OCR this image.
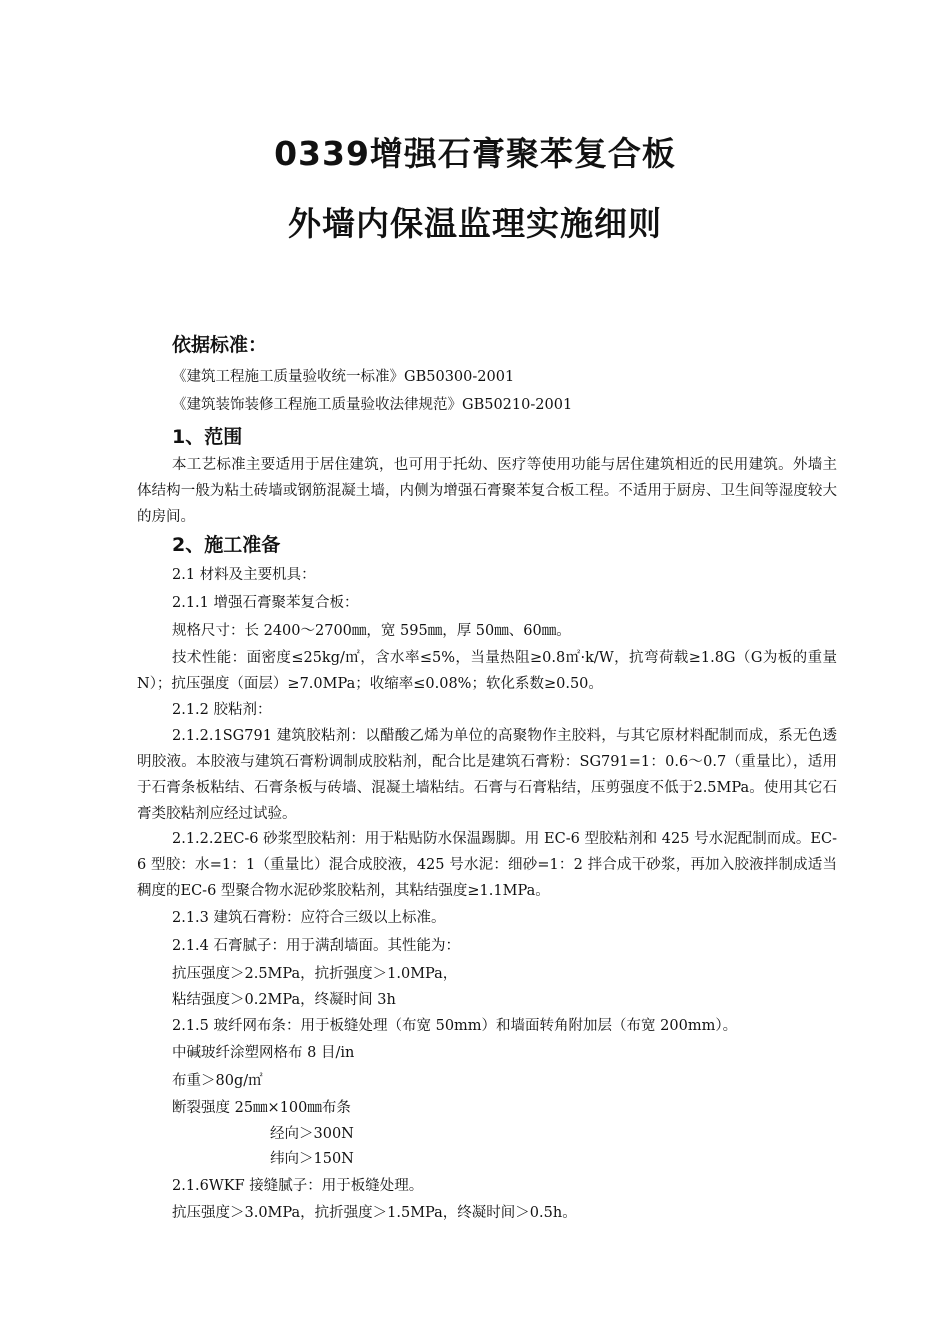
0339增强石膏聚苯复合板
外墙内保温监理实施细则
依据标准：
《建筑工程施工质量验收统一标准》GB50300-2001
《建筑装饰装修工程施工质量验收法律规范》GB50210-2001
1、范围
本工艺标准主要适用于居住建筑，也可用于托幼、医疗等使用功能与居住建筑相近的民用建筑。外墙主体结构一般为粘土砖墙或钢筋混凝土墙，内侧为增强石膏聚苯复合板工程。不适用于厨房、卫生间等湿度较大的房间。
2、施工准备
2.1 材料及主要机具：
2.1.1 增强石膏聚苯复合板：
规格尺寸：长 2400～2700㎜，宽 595㎜，厚 50㎜、60㎜。
技术性能：面密度≤25kg/㎡，含水率≤5%，当量热阻≥0.8㎡·k/W，抗弯荷载≥1.8G（G为板的重量N）；抗压强度（面层）≥7.0MPa；收缩率≤0.08%；软化系数≥0.50。
2.1.2 胶粘剂：
2.1.2.1SG791 建筑胶粘剂：以醋酸乙烯为单位的高聚物作主胶料，与其它原材料配制而成，系无色透明胶液。本胶液与建筑石膏粉调制成胶粘剂，配合比是建筑石膏粉：SG791=1：0.6～0.7（重量比），适用于石膏条板粘结、石膏条板与砖墙、混凝土墙粘结。石膏与石膏粘结，压剪强度不低于2.5MPa。使用其它石膏类胶粘剂应经过试验。
2.1.2.2EC-6 砂浆型胶粘剂：用于粘贴防水保温踢脚。用 EC-6 型胶粘剂和 425 号水泥配制而成。EC-6 型胶：水=1：1（重量比）混合成胶液，425 号水泥：细砂=1：2 拌合成干砂浆，再加入胶液拌制成适当稠度的EC-6 型聚合物水泥砂浆胶粘剂，其粘结强度≥1.1MPa。
2.1.3 建筑石膏粉：应符合三级以上标准。
2.1.4 石膏腻子：用于满刮墙面。其性能为：
抗压强度＞2.5MPa，抗折强度＞1.0MPa，
粘结强度＞0.2MPa，终凝时间 3h
2.1.5 玻纤网布条：用于板缝处理（布宽 50mm）和墙面转角附加层（布宽 200mm）。
中碱玻纤涂塑网格布 8 目/in
布重＞80g/㎡
断裂强度 25㎜×100㎜布条
经向＞300N
纬向＞150N
2.1.6WKF 接缝腻子：用于板缝处理。
抗压强度＞3.0MPa，抗折强度＞1.5MPa，终凝时间＞0.5h。
